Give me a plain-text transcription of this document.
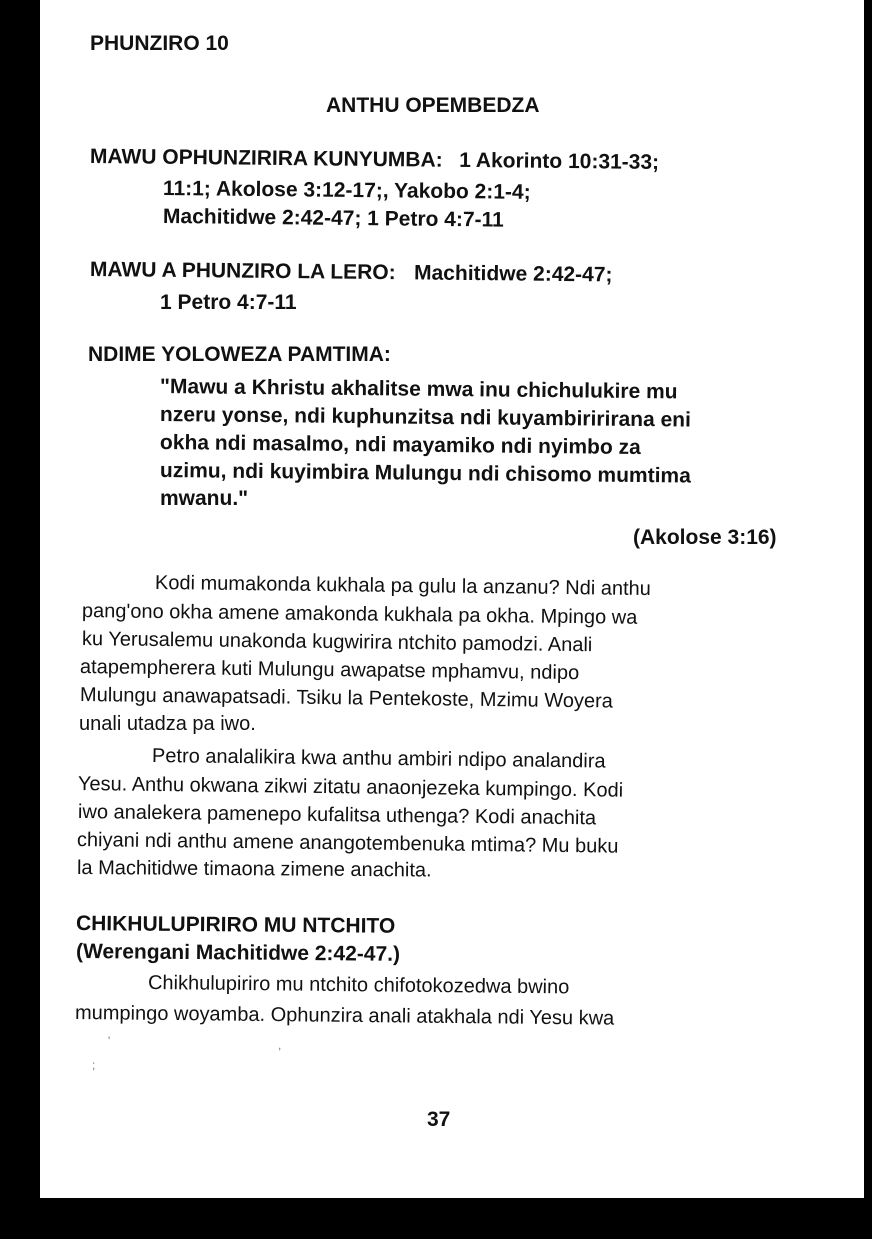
PHUNZIRO 10
ANTHU OPEMBEDZA
MAWU OPHUNZIRIRA KUNYUMBA: 1 Akorinto 10:31-33;
11:1; Akolose 3:12-17;, Yakobo 2:1-4;
Machitidwe 2:42-47; 1 Petro 4:7-11
MAWU A PHUNZIRO LA LERO: Machitidwe 2:42-47;
1 Petro 4:7-11
NDIME YOLOWEZA PAMTIMA:
"Mawu a Khristu akhalitse mwa inu chichulukire mu
nzeru yonse, ndi kuphunzitsa ndi kuyambiririrana eni
okha ndi masalmo, ndi mayamiko ndi nyimbo za
uzimu, ndi kuyimbira Mulungu ndi chisomo mumtima
mwanu."
(Akolose 3:16)
Kodi mumakonda kukhala pa gulu la anzanu? Ndi anthu
pang'ono okha amene amakonda kukhala pa okha. Mpingo wa
ku Yerusalemu unakonda kugwirira ntchito pamodzi. Anali
atapempherera kuti Mulungu awapatse mphamvu, ndipo
Mulungu anawapatsadi. Tsiku la Pentekoste, Mzimu Woyera
unali utadza pa iwo.
Petro analalikira kwa anthu ambiri ndipo analandira
Yesu. Anthu okwana zikwi zitatu anaonjezeka kumpingo. Kodi
iwo analekera pamenepo kufalitsa uthenga? Kodi anachita
chiyani ndi anthu amene anangotembenuka mtima? Mu buku
la Machitidwe timaona zimene anachita.
CHIKHULUPIRIRO MU NTCHITO
(Werengani Machitidwe 2:42-47.)
Chikhulupiriro mu ntchito chifotokozedwa bwino
mumpingo woyamba. Ophunzira anali atakhala ndi Yesu kwa
'
;
,
37
